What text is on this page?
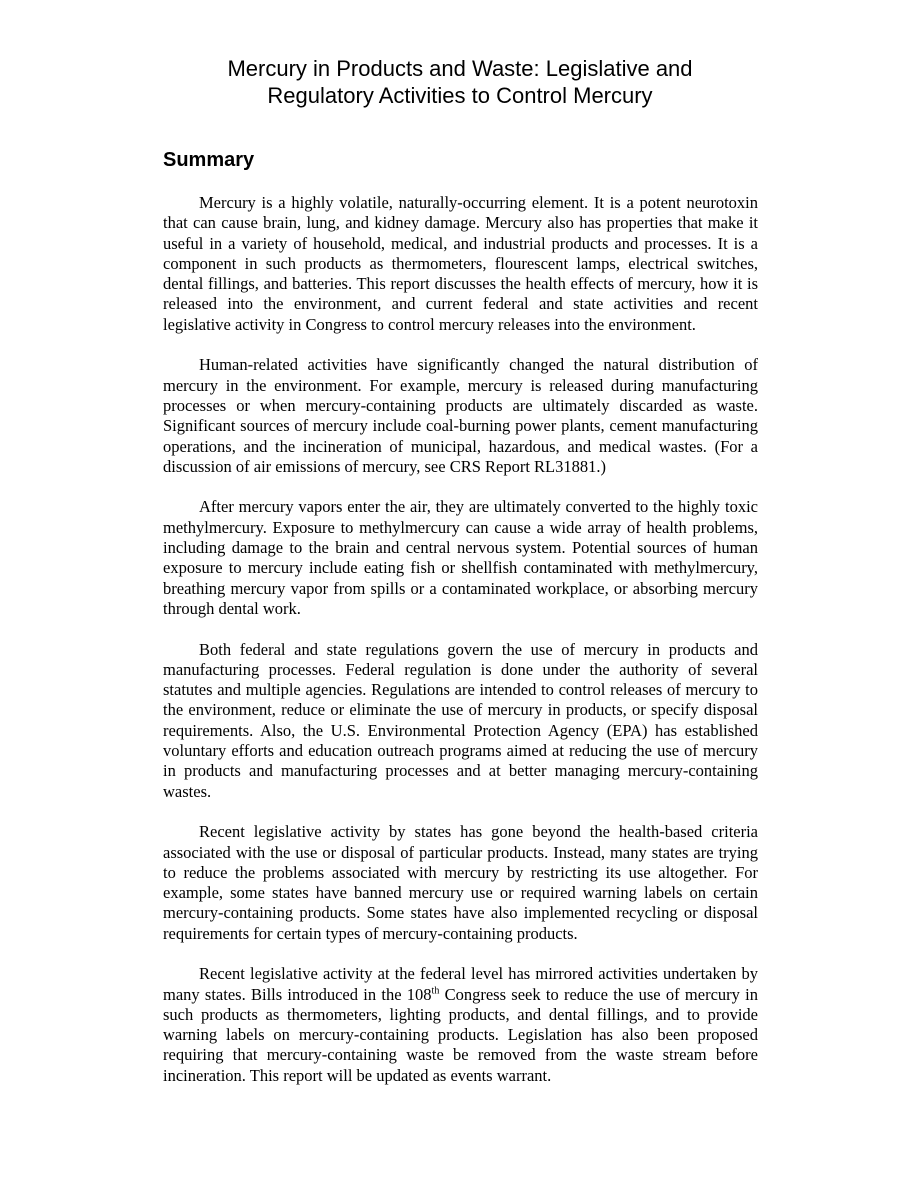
Mercury in Products and Waste: Legislative and
Regulatory Activities to Control Mercury
Summary

Mercury is a highly volatile, naturally-occurring element. It is a potent neurotoxin that can cause brain, lung, and kidney damage. Mercury also has properties that make it useful in a variety of household, medical, and industrial products and processes. It is a component in such products as thermometers, flourescent lamps, electrical switches, dental fillings, and batteries. This report discusses the health effects of mercury, how it is released into the environment, and current federal and state activities and recent legislative activity in Congress to control mercury releases into the environment.

Human-related activities have significantly changed the natural distribution of mercury in the environment. For example, mercury is released during manufacturing processes or when mercury-containing products are ultimately discarded as waste. Significant sources of mercury include coal-burning power plants, cement manufacturing operations, and the incineration of municipal, hazardous, and medical wastes. (For a discussion of air emissions of mercury, see CRS Report RL31881.)

After mercury vapors enter the air, they are ultimately converted to the highly toxic methylmercury. Exposure to methylmercury can cause a wide array of health problems, including damage to the brain and central nervous system. Potential sources of human exposure to mercury include eating fish or shellfish contaminated with methylmercury, breathing mercury vapor from spills or a contaminated workplace, or absorbing mercury through dental work.

Both federal and state regulations govern the use of mercury in products and manufacturing processes. Federal regulation is done under the authority of several statutes and multiple agencies. Regulations are intended to control releases of mercury to the environment, reduce or eliminate the use of mercury in products, or specify disposal requirements. Also, the U.S. Environmental Protection Agency (EPA) has established voluntary efforts and education outreach programs aimed at reducing the use of mercury in products and manufacturing processes and at better managing mercury-containing wastes.

Recent legislative activity by states has gone beyond the health-based criteria associated with the use or disposal of particular products. Instead, many states are trying to reduce the problems associated with mercury by restricting its use altogether. For example, some states have banned mercury use or required warning labels on certain mercury-containing products. Some states have also implemented recycling or disposal requirements for certain types of mercury-containing products.

Recent legislative activity at the federal level has mirrored activities undertaken by many states. Bills introduced in the 108th Congress seek to reduce the use of mercury in such products as thermometers, lighting products, and dental fillings, and to provide warning labels on mercury-containing products. Legislation has also been proposed requiring that mercury-containing waste be removed from the waste stream before incineration. This report will be updated as events warrant.
